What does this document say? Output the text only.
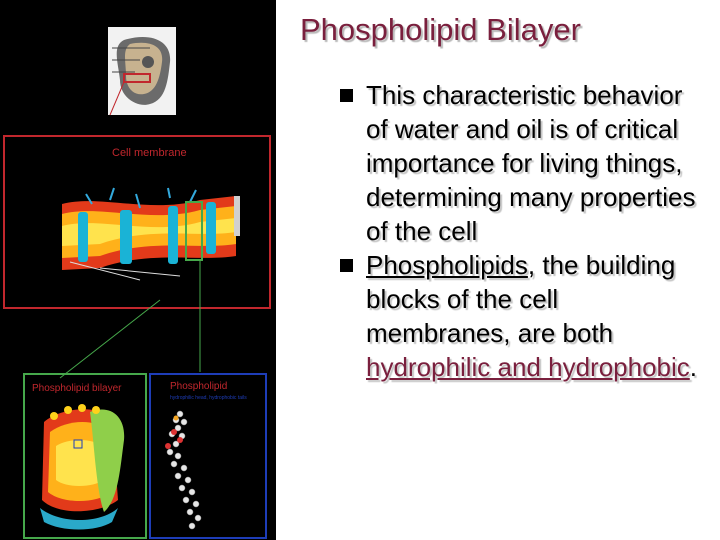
Cell membrane
Phospholipid bilayer	Phospholipid
hydrophilic head, hydrophobic tails
Phospholipid Bilayer
This characteristic behavior of water and oil is of critical importance for living things, determining many properties of the cell
Phospholipids, the building blocks of the cell membranes, are both hydrophilic and hydrophobic.
